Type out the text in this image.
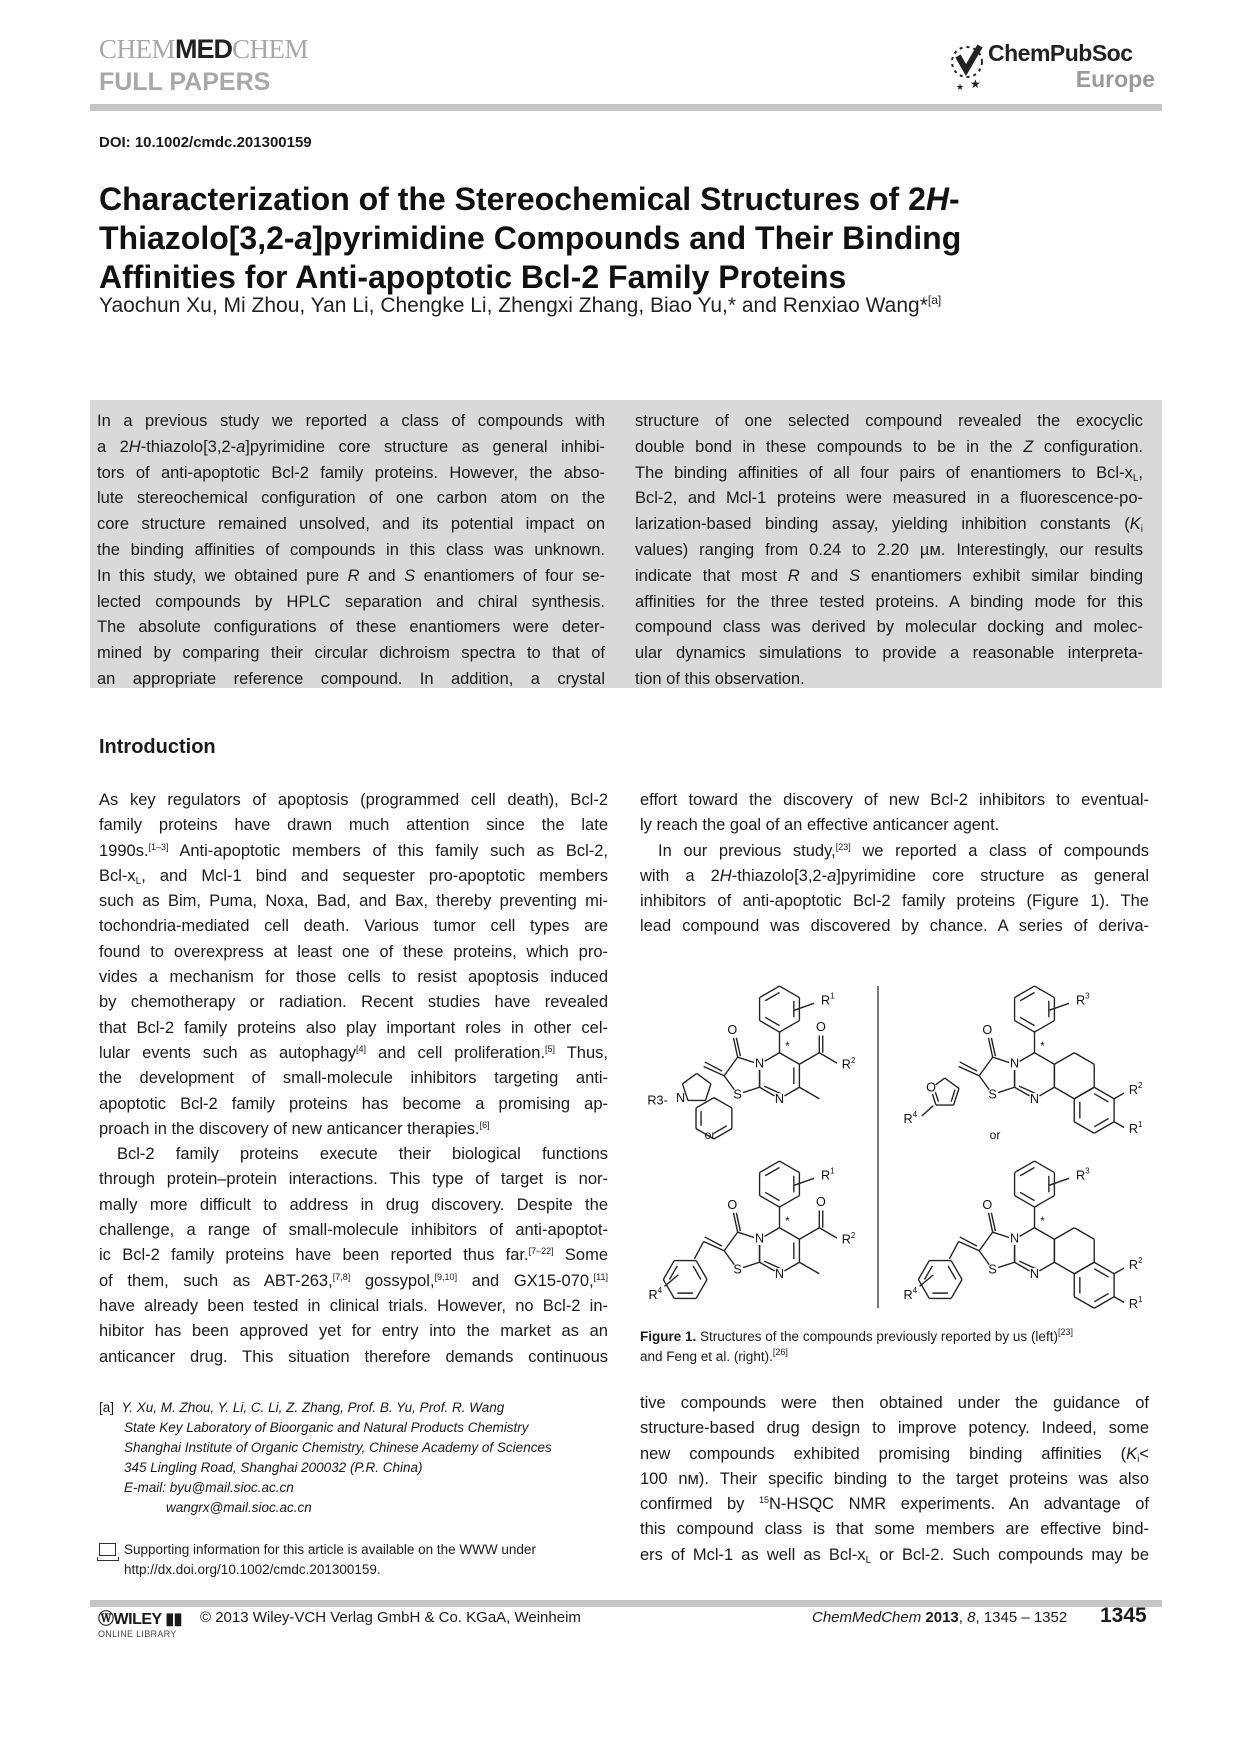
CHEMMEDCHEM
FULL PAPERS	★
★
ChemPubSoc
Europe
DOI: 10.1002/cmdc.201300159
Characterization of the Stereochemical Structures of 2H-
Thiazolo[3,2-a]pyrimidine Compounds and Their Binding
Affinities for Anti-apoptotic Bcl-2 Family Proteins
Yaochun Xu, Mi Zhou, Yan Li, Chengke Li, Zhengxi Zhang, Biao Yu,* and Renxiao Wang*[a]
In a previous study we reported a class of compounds with
a 2H-thiazolo[3,2-a]pyrimidine core structure as general inhibi-
tors of anti-apoptotic Bcl-2 family proteins. However, the abso-
lute stereochemical configuration of one carbon atom on the
core structure remained unsolved, and its potential impact on
the binding affinities of compounds in this class was unknown.
In this study, we obtained pure R and S enantiomers of four se-
lected compounds by HPLC separation and chiral synthesis.
The absolute configurations of these enantiomers were deter-
mined by comparing their circular dichroism spectra to that of
an appropriate reference compound. In addition, a crystal
structure of one selected compound revealed the exocyclic
double bond in these compounds to be in the Z configuration.
The binding affinities of all four pairs of enantiomers to Bcl-$x_L$,
Bcl-2, and Mcl-1 proteins were measured in a fluorescence-po-
larization-based binding assay, yielding inhibition constants ($K_i$
values) ranging from 0.24 to 2.20 µм. Interestingly, our results
indicate that most R and S enantiomers exhibit similar binding
affinities for the three tested proteins. A binding mode for this
compound class was derived by molecular docking and molec-
ular dynamics simulations to provide a reasonable interpreta-
tion of this observation.
Introduction
As key regulators of apoptosis (programmed cell death), Bcl-2
family proteins have drawn much attention since the late
1990s.[1–3] Anti-apoptotic members of this family such as Bcl-2,
Bcl-$x_L$, and Mcl-1 bind and sequester pro-apoptotic members
such as Bim, Puma, Noxa, Bad, and Bax, thereby preventing mi-
tochondria-mediated cell death. Various tumor cell types are
found to overexpress at least one of these proteins, which pro-
vides a mechanism for those cells to resist apoptosis induced
by chemotherapy or radiation. Recent studies have revealed
that Bcl-2 family proteins also play important roles in other cel-
lular events such as autophagy[4] and cell proliferation.[5] Thus,
the development of small-molecule inhibitors targeting anti-
apoptotic Bcl-2 family proteins has become a promising ap-
proach in the discovery of new anticancer therapies.[6]
Bcl-2 family proteins execute their biological functions
through protein–protein interactions. This type of target is nor-
mally more difficult to address in drug discovery. Despite the
challenge, a range of small-molecule inhibitors of anti-apoptot-
ic Bcl-2 family proteins have been reported thus far.[7–22] Some
of them, such as ABT-263,[7,8] gossypol,[9,10] and GX15-070,[11]
have already been tested in clinical trials. However, no Bcl-2 in-
hibitor has been approved yet for entry into the market as an
anticancer drug. This situation therefore demands continuous
effort toward the discovery of new Bcl-2 inhibitors to eventual-
ly reach the goal of an effective anticancer agent.
In our previous study,[23] we reported a class of compounds
with a 2H-thiazolo[3,2-a]pyrimidine core structure as general
inhibitors of anti-apoptotic Bcl-2 family proteins (Figure 1). The
lead compound was discovered by chance. A series of deriva-
tive compounds were then obtained under the guidance of
structure-based drug design to improve potency. Indeed, some
new compounds exhibited promising binding affinities ($K_i<$
100 nм). Their specific binding to the target proteins was also
confirmed by $^{15}$N-HSQC NMR experiments. An advantage of
this compound class is that some members are effective bind-
ers of Mcl-1 as well as Bcl-$x_L$ or Bcl-2. Such compounds may be
$R^1$
*
O	O
$R^2$
N
R3-
N
N
S
$R^3$
*
O
$R^2$
$R^1$
O
$R^4$
N
N
S
$R^1$
*
O	O
$R^2$
$R^4$
N
N
S
$R^3$
*
O
$R^2$
$R^1$
$R^4$
N
N
S
or	or
Figure 1. Structures of the compounds previously reported by us (left)[23]
and Feng et al. (right).[26]
[a] Y. Xu, M. Zhou, Y. Li, C. Li, Z. Zhang, Prof. B. Yu, Prof. R. Wang
State Key Laboratory of Bioorganic and Natural Products Chemistry
Shanghai Institute of Organic Chemistry, Chinese Academy of Sciences
345 Lingling Road, Shanghai 200032 (P.R. China)
E-mail: byu@mail.sioc.ac.cn
wangrx@mail.sioc.ac.cn
Supporting information for this article is available on the WWW under
http://dx.doi.org/10.1002/cmdc.201300159.
ⓌWILEY ▮▮
ONLINE LIBRARY
© 2013 Wiley-VCH Verlag GmbH & Co. KGaA, Weinheim	ChemMedChem 2013, 8, 1345 – 1352 1345
